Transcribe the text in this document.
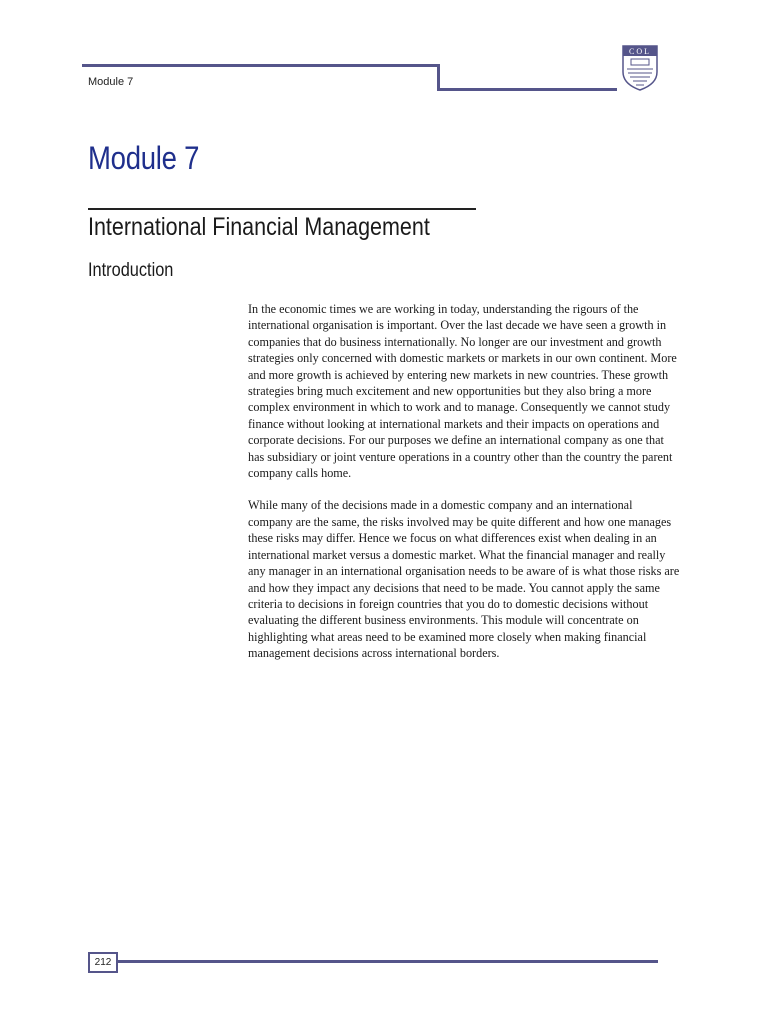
Module 7
COL
Module 7
International Financial Management
Introduction

In the economic times we are working in today, understanding the rigours of the international organisation is important. Over the last decade we have seen a growth in companies that do business internationally. No longer are our investment and growth strategies only concerned with domestic markets or markets in our own continent. More and more growth is achieved by entering new markets in new countries. These growth strategies bring much excitement and new opportunities but they also bring a more complex environment in which to work and to manage. Consequently we cannot study finance without looking at international markets and their impacts on operations and corporate decisions. For our purposes we define an international company as one that has subsidiary or joint venture operations in a country other than the country the parent company calls home.

While many of the decisions made in a domestic company and an international company are the same, the risks involved may be quite different and how one manages these risks may differ. Hence we focus on what differences exist when dealing in an international market versus a domestic market. What the financial manager and really any manager in an international organisation needs to be aware of is what those risks are and how they impact any decisions that need to be made. You cannot apply the same criteria to decisions in foreign countries that you do to domestic decisions without evaluating the different business environments. This module will concentrate on highlighting what areas need to be examined more closely when making financial management decisions across international borders.

212
